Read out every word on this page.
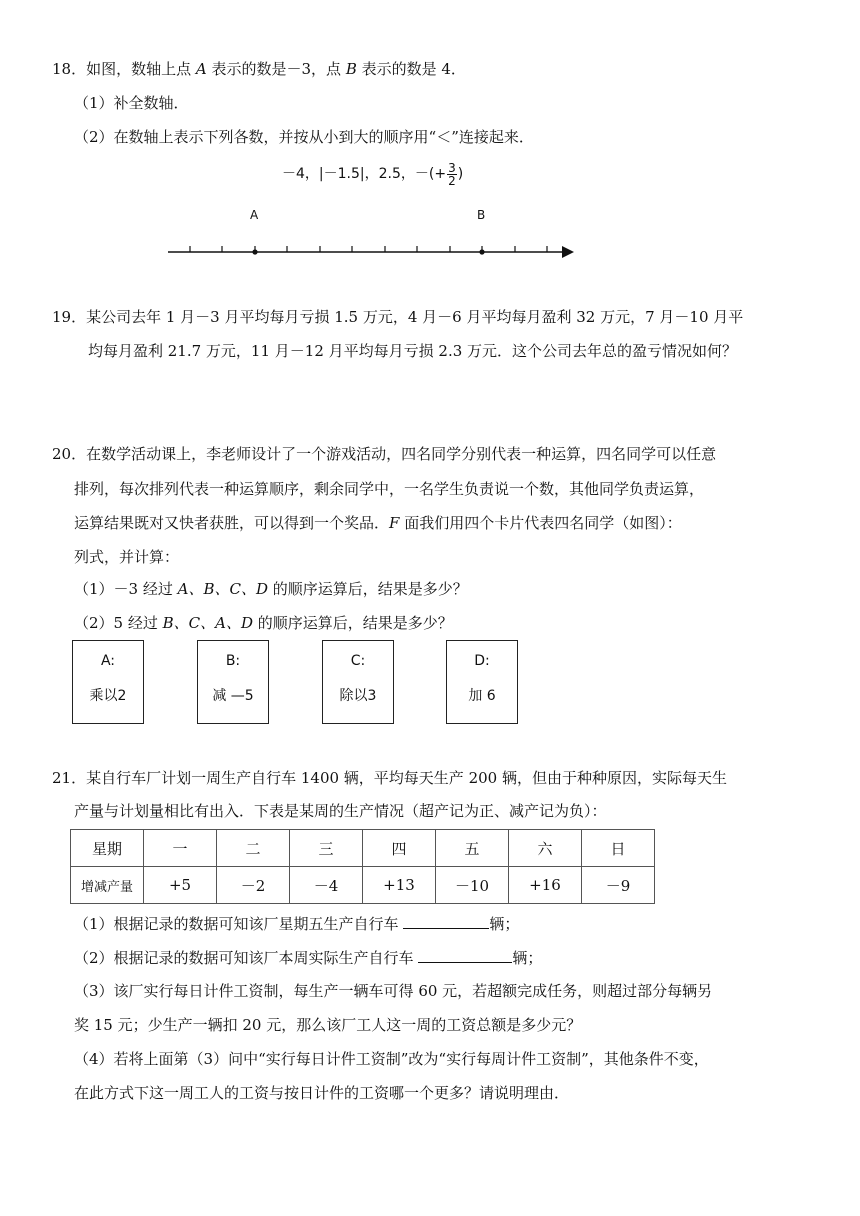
18．如图，数轴上点 A 表示的数是－3，点 B 表示的数是 4．
（1）补全数轴．
（2）在数轴上表示下列各数，并按从小到大的顺序用“＜”连接起来．
－4，|－1.5|，2.5，－(+ $\frac{3}{2}$ )
A	B
19．某公司去年 1 月－3 月平均每月亏损 1.5 万元，4 月－6 月平均每月盈利 32 万元，7 月－10 月平
均每月盈利 21.7 万元，11 月－12 月平均每月亏损 2.3 万元．这个公司去年总的盈亏情况如何？
20．在数学活动课上，李老师设计了一个游戏活动，四名同学分别代表一种运算，四名同学可以任意
排列，每次排列代表一种运算顺序，剩余同学中，一名学生负责说一个数，其他同学负责运算，
运算结果既对又快者获胜，可以得到一个奖品．F 面我们用四个卡片代表四名同学（如图）：
列式，并计算：
（1）－3 经过 A、B、C、D 的顺序运算后，结果是多少？
（2）5 经过 B、C、A、D 的顺序运算后，结果是多少？
A:
乘以2
B:
减 —5
C:
除以3
D:
加 6
21．某自行车厂计划一周生产自行车 1400 辆，平均每天生产 200 辆，但由于种种原因，实际每天生
产量与计划量相比有出入．下表是某周的生产情况（超产记为正、减产记为负）：
星期	一	二	三	四	五	六	日
增减产量	+5	－2	－4	+13	－10	+16	－9
（1）根据记录的数据可知该厂星期五生产自行车	辆；
（2）根据记录的数据可知该厂本周实际生产自行车	辆；
（3）该厂实行每日计件工资制，每生产一辆车可得 60 元，若超额完成任务，则超过部分每辆另
奖 15 元；少生产一辆扣 20 元，那么该厂工人这一周的工资总额是多少元？
（4）若将上面第（3）问中“实行每日计件工资制”改为“实行每周计件工资制”，其他条件不变，
在此方式下这一周工人的工资与按日计件的工资哪一个更多？请说明理由．
